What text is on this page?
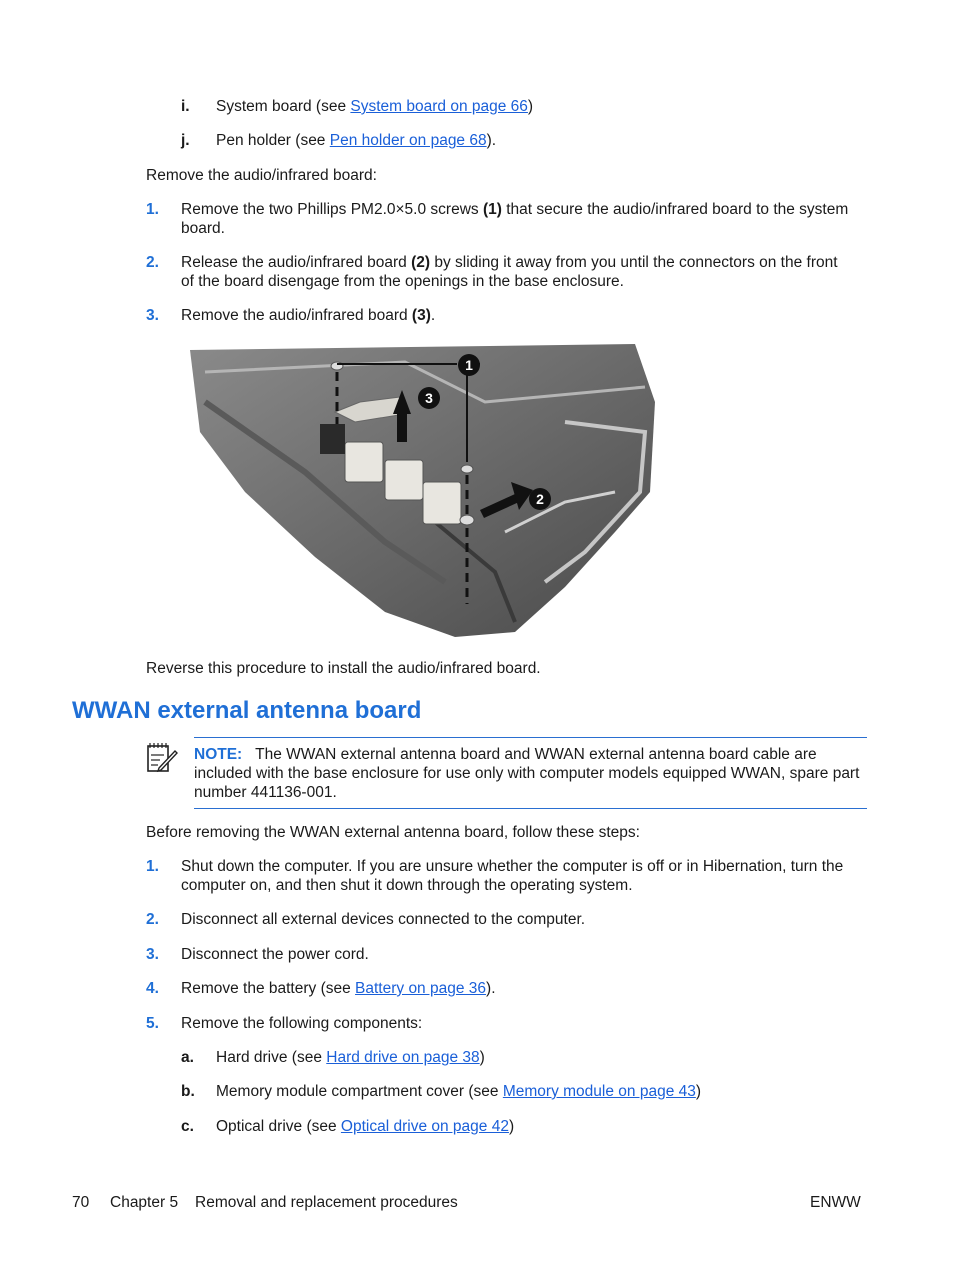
i. System board (see System board on page 66)
j. Pen holder (see Pen holder on page 68).
Remove the audio/infrared board:
1. Remove the two Phillips PM2.0×5.0 screws (1) that secure the audio/infrared board to the system
board.
2. Release the audio/infrared board (2) by sliding it away from you until the connectors on the front
of the board disengage from the openings in the base enclosure.
3. Remove the audio/infrared board (3).
1
2
3
Reverse this procedure to install the audio/infrared board.
WWAN external antenna board
NOTE: The WWAN external antenna board and WWAN external antenna board cable are
included with the base enclosure for use only with computer models equipped WWAN, spare part
number 441136-001.
Before removing the WWAN external antenna board, follow these steps:
1. Shut down the computer. If you are unsure whether the computer is off or in Hibernation, turn the
computer on, and then shut it down through the operating system.
2. Disconnect all external devices connected to the computer.
3. Disconnect the power cord.
4. Remove the battery (see Battery on page 36).
5. Remove the following components:
a. Hard drive (see Hard drive on page 38)
b. Memory module compartment cover (see Memory module on page 43)
c. Optical drive (see Optical drive on page 42)
70 Chapter 5 Removal and replacement procedures	ENWW
